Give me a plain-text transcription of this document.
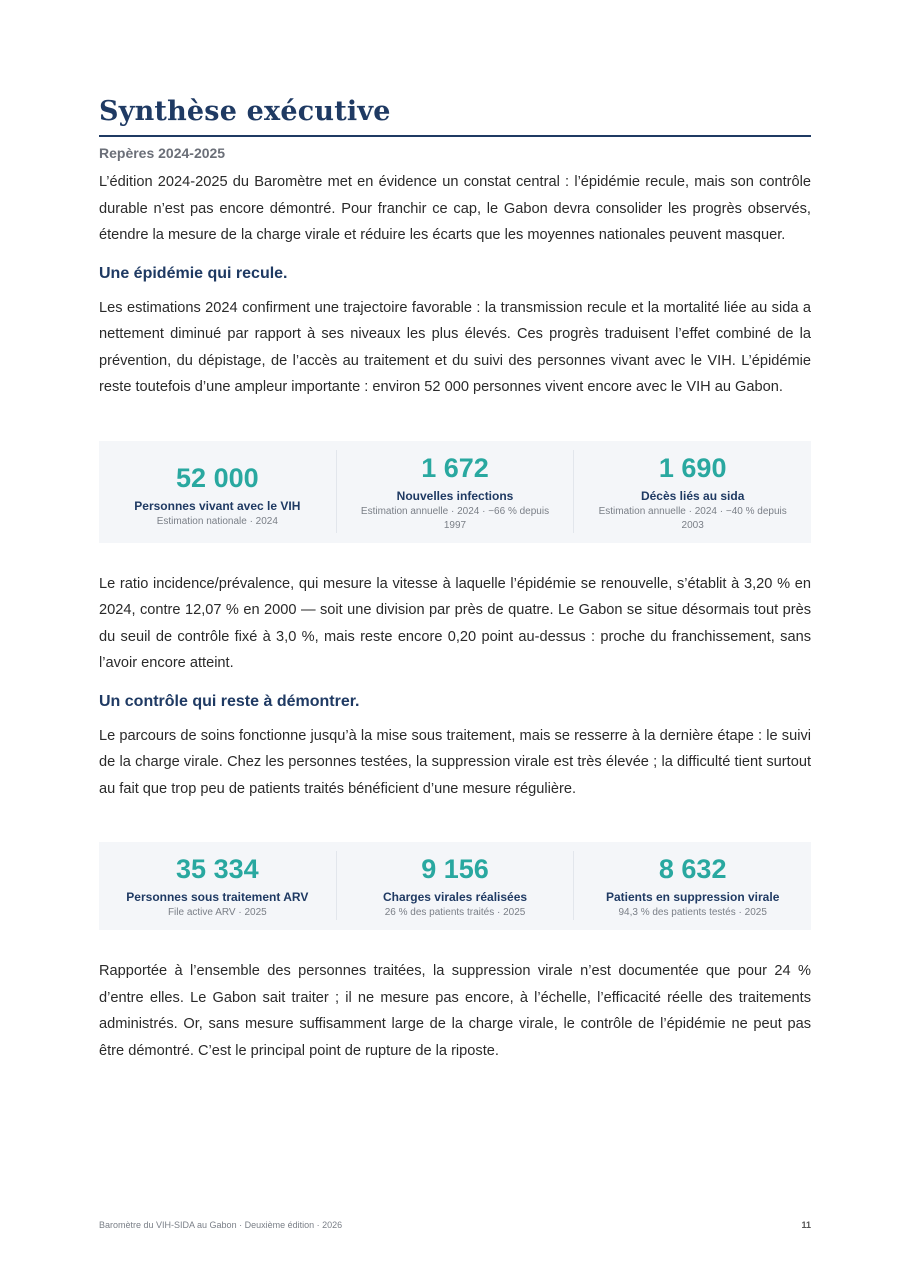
Synthèse exécutive
Repères 2024-2025

L’édition 2024-2025 du Baromètre met en évidence un constat central : l’épidémie recule, mais son contrôle durable n’est pas encore démontré. Pour franchir ce cap, le Gabon devra consolider les progrès observés, étendre la mesure de la charge virale et réduire les écarts que les moyennes nationales peuvent masquer.

Une épidémie qui recule.

Les estimations 2024 confirment une trajectoire favorable : la transmission recule et la mortalité liée au sida a nettement diminué par rapport à ses niveaux les plus élevés. Ces progrès traduisent l’effet combiné de la prévention, du dépistage, de l’accès au traitement et du suivi des personnes vivant avec le VIH. L’épidémie reste toutefois d’une ampleur importante : environ 52 000 personnes vivent encore avec le VIH au Gabon.

52 000
Personnes vivant avec le VIH
Estimation nationale · 2024
1 672
Nouvelles infections
Estimation annuelle · 2024 · −66 % depuis 1997
1 690
Décès liés au sida
Estimation annuelle · 2024 · −40 % depuis 2003

Le ratio incidence/prévalence, qui mesure la vitesse à laquelle l’épidémie se renouvelle, s’établit à 3,20 % en 2024, contre 12,07 % en 2000 — soit une division par près de quatre. Le Gabon se situe désormais tout près du seuil de contrôle fixé à 3,0 %, mais reste encore 0,20 point au-dessus : proche du franchissement, sans l’avoir encore atteint.

Un contrôle qui reste à démontrer.

Le parcours de soins fonctionne jusqu’à la mise sous traitement, mais se resserre à la dernière étape : le suivi de la charge virale. Chez les personnes testées, la suppression virale est très élevée ; la difficulté tient surtout au fait que trop peu de patients traités bénéficient d’une mesure régulière.

35 334
Personnes sous traitement ARV
File active ARV · 2025
9 156
Charges virales réalisées
26 % des patients traités · 2025
8 632
Patients en suppression virale
94,3 % des patients testés · 2025

Rapportée à l’ensemble des personnes traitées, la suppression virale n’est documentée que pour 24 % d’entre elles. Le Gabon sait traiter ; il ne mesure pas encore, à l’échelle, l’efficacité réelle des traitements administrés. Or, sans mesure suffisamment large de la charge virale, le contrôle de l’épidémie ne peut pas être démontré. C’est le principal point de rupture de la riposte.

Baromètre du VIH-SIDA au Gabon · Deuxième édition · 2026	11
